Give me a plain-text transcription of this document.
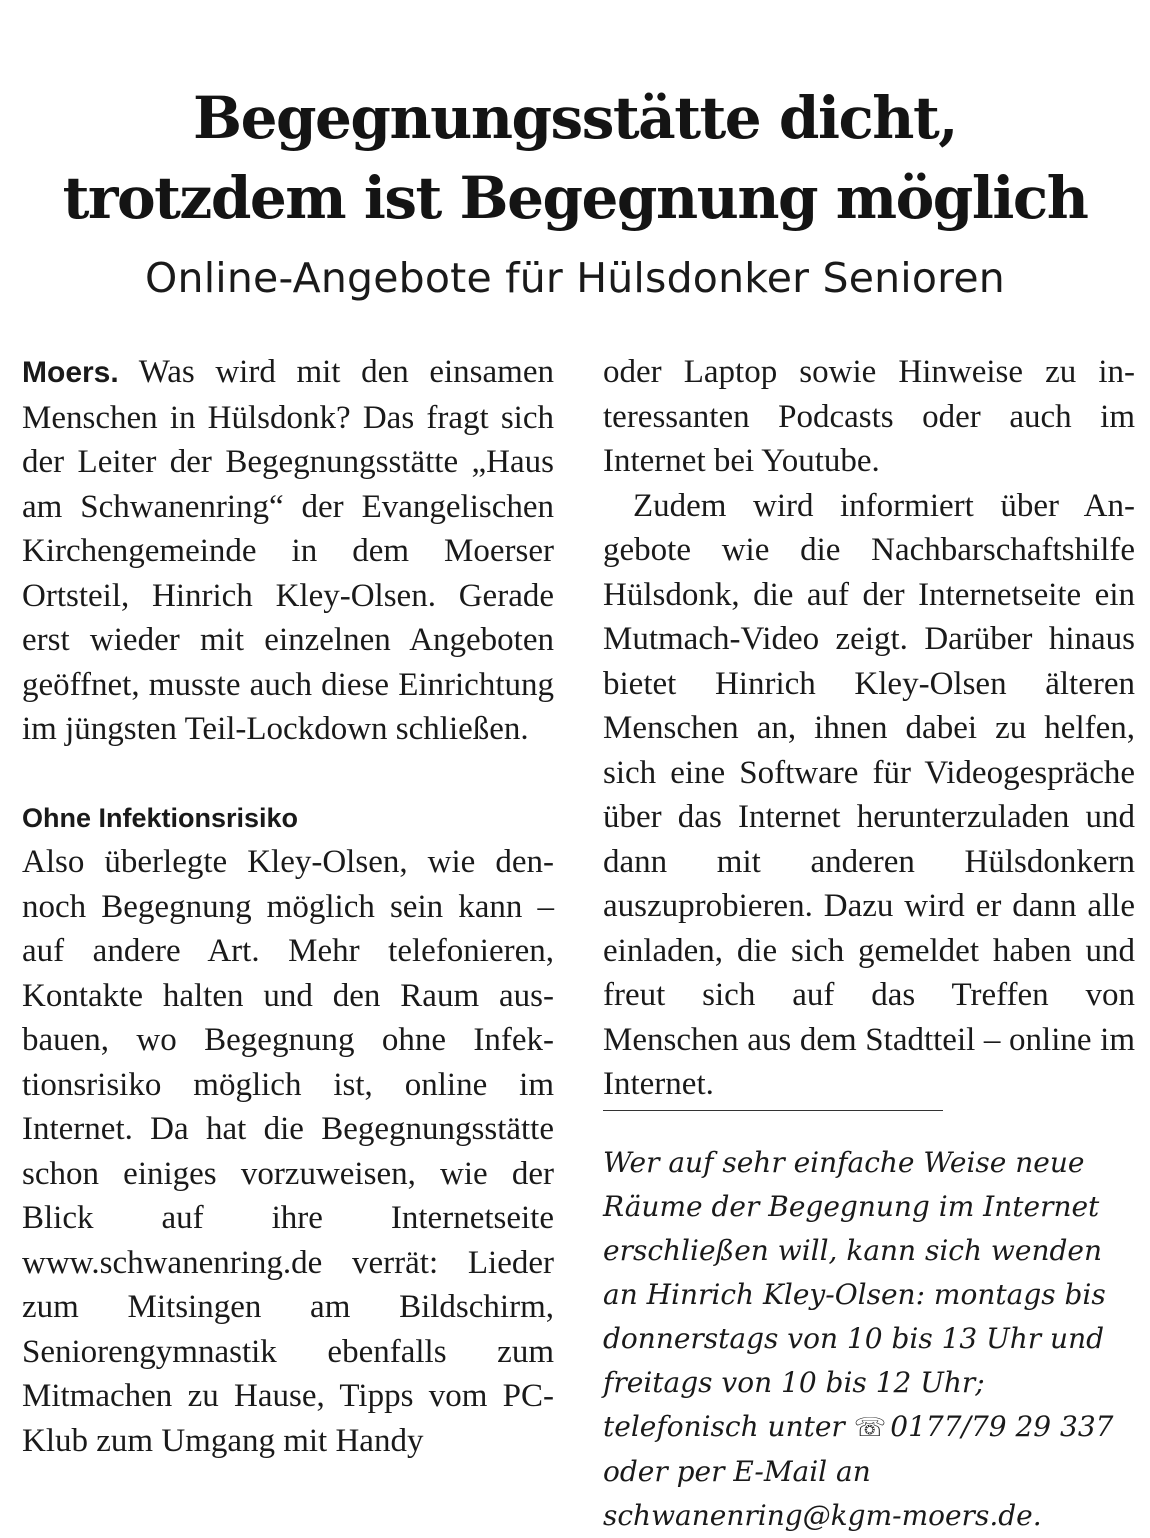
Begegnungsstätte dicht,
trotzdem ist Begegnung möglich
Online-Angebote für Hülsdonker Senioren

Moers. Was wird mit den einsamen Menschen in Hülsdonk? Das fragt sich der Leiter der Begegnungsstätte „Haus am Schwanenring“ der Evangelischen Kirchengemeinde in dem Moerser Ortsteil, Hinrich Kley-Olsen. Gerade erst wieder mit einzelnen Angeboten geöffnet, musste auch diese Einrichtung im jüngsten Teil-Lockdown schließen.

Ohne Infektionsrisiko

Also überlegte Kley-Olsen, wie dennoch Begegnung möglich sein kann – auf andere Art. Mehr telefonieren, Kontakte halten und den Raum ausbauen, wo Begegnung ohne Infektionsrisiko möglich ist, online im Internet. Da hat die Begegnungsstätte schon einiges vorzuweisen, wie der Blick auf ihre Internetseite www.schwanenring.de verrät: Lieder zum Mitsingen am Bildschirm, Seniorengymnastik ebenfalls zum Mitmachen zu Hause, Tipps vom PC-Klub zum Umgang mit Handy

oder Laptop sowie Hinweise zu interessanten Podcasts oder auch im Internet bei Youtube.

Zudem wird informiert über Angebote wie die Nachbarschaftshilfe Hülsdonk, die auf der Internetseite ein Mutmach-Video zeigt. Darüber hinaus bietet Hinrich Kley-Olsen älteren Menschen an, ihnen dabei zu helfen, sich eine Software für Videogespräche über das Internet herunterzuladen und dann mit anderen Hülsdonkern auszuprobieren. Dazu wird er dann alle einladen, die sich gemeldet haben und freut sich auf das Treffen von Menschen aus dem Stadtteil – online im Internet.

Wer auf sehr einfache Weise neue Räume der Begegnung im Internet erschließen will, kann sich wenden an Hinrich Kley-Olsen: montags bis donnerstags von 10 bis 13 Uhr und freitags von 10 bis 12 Uhr; telefonisch unter ☏ 0177/79 29 337 oder per E-Mail an schwanenring@kgm-moers.de.
